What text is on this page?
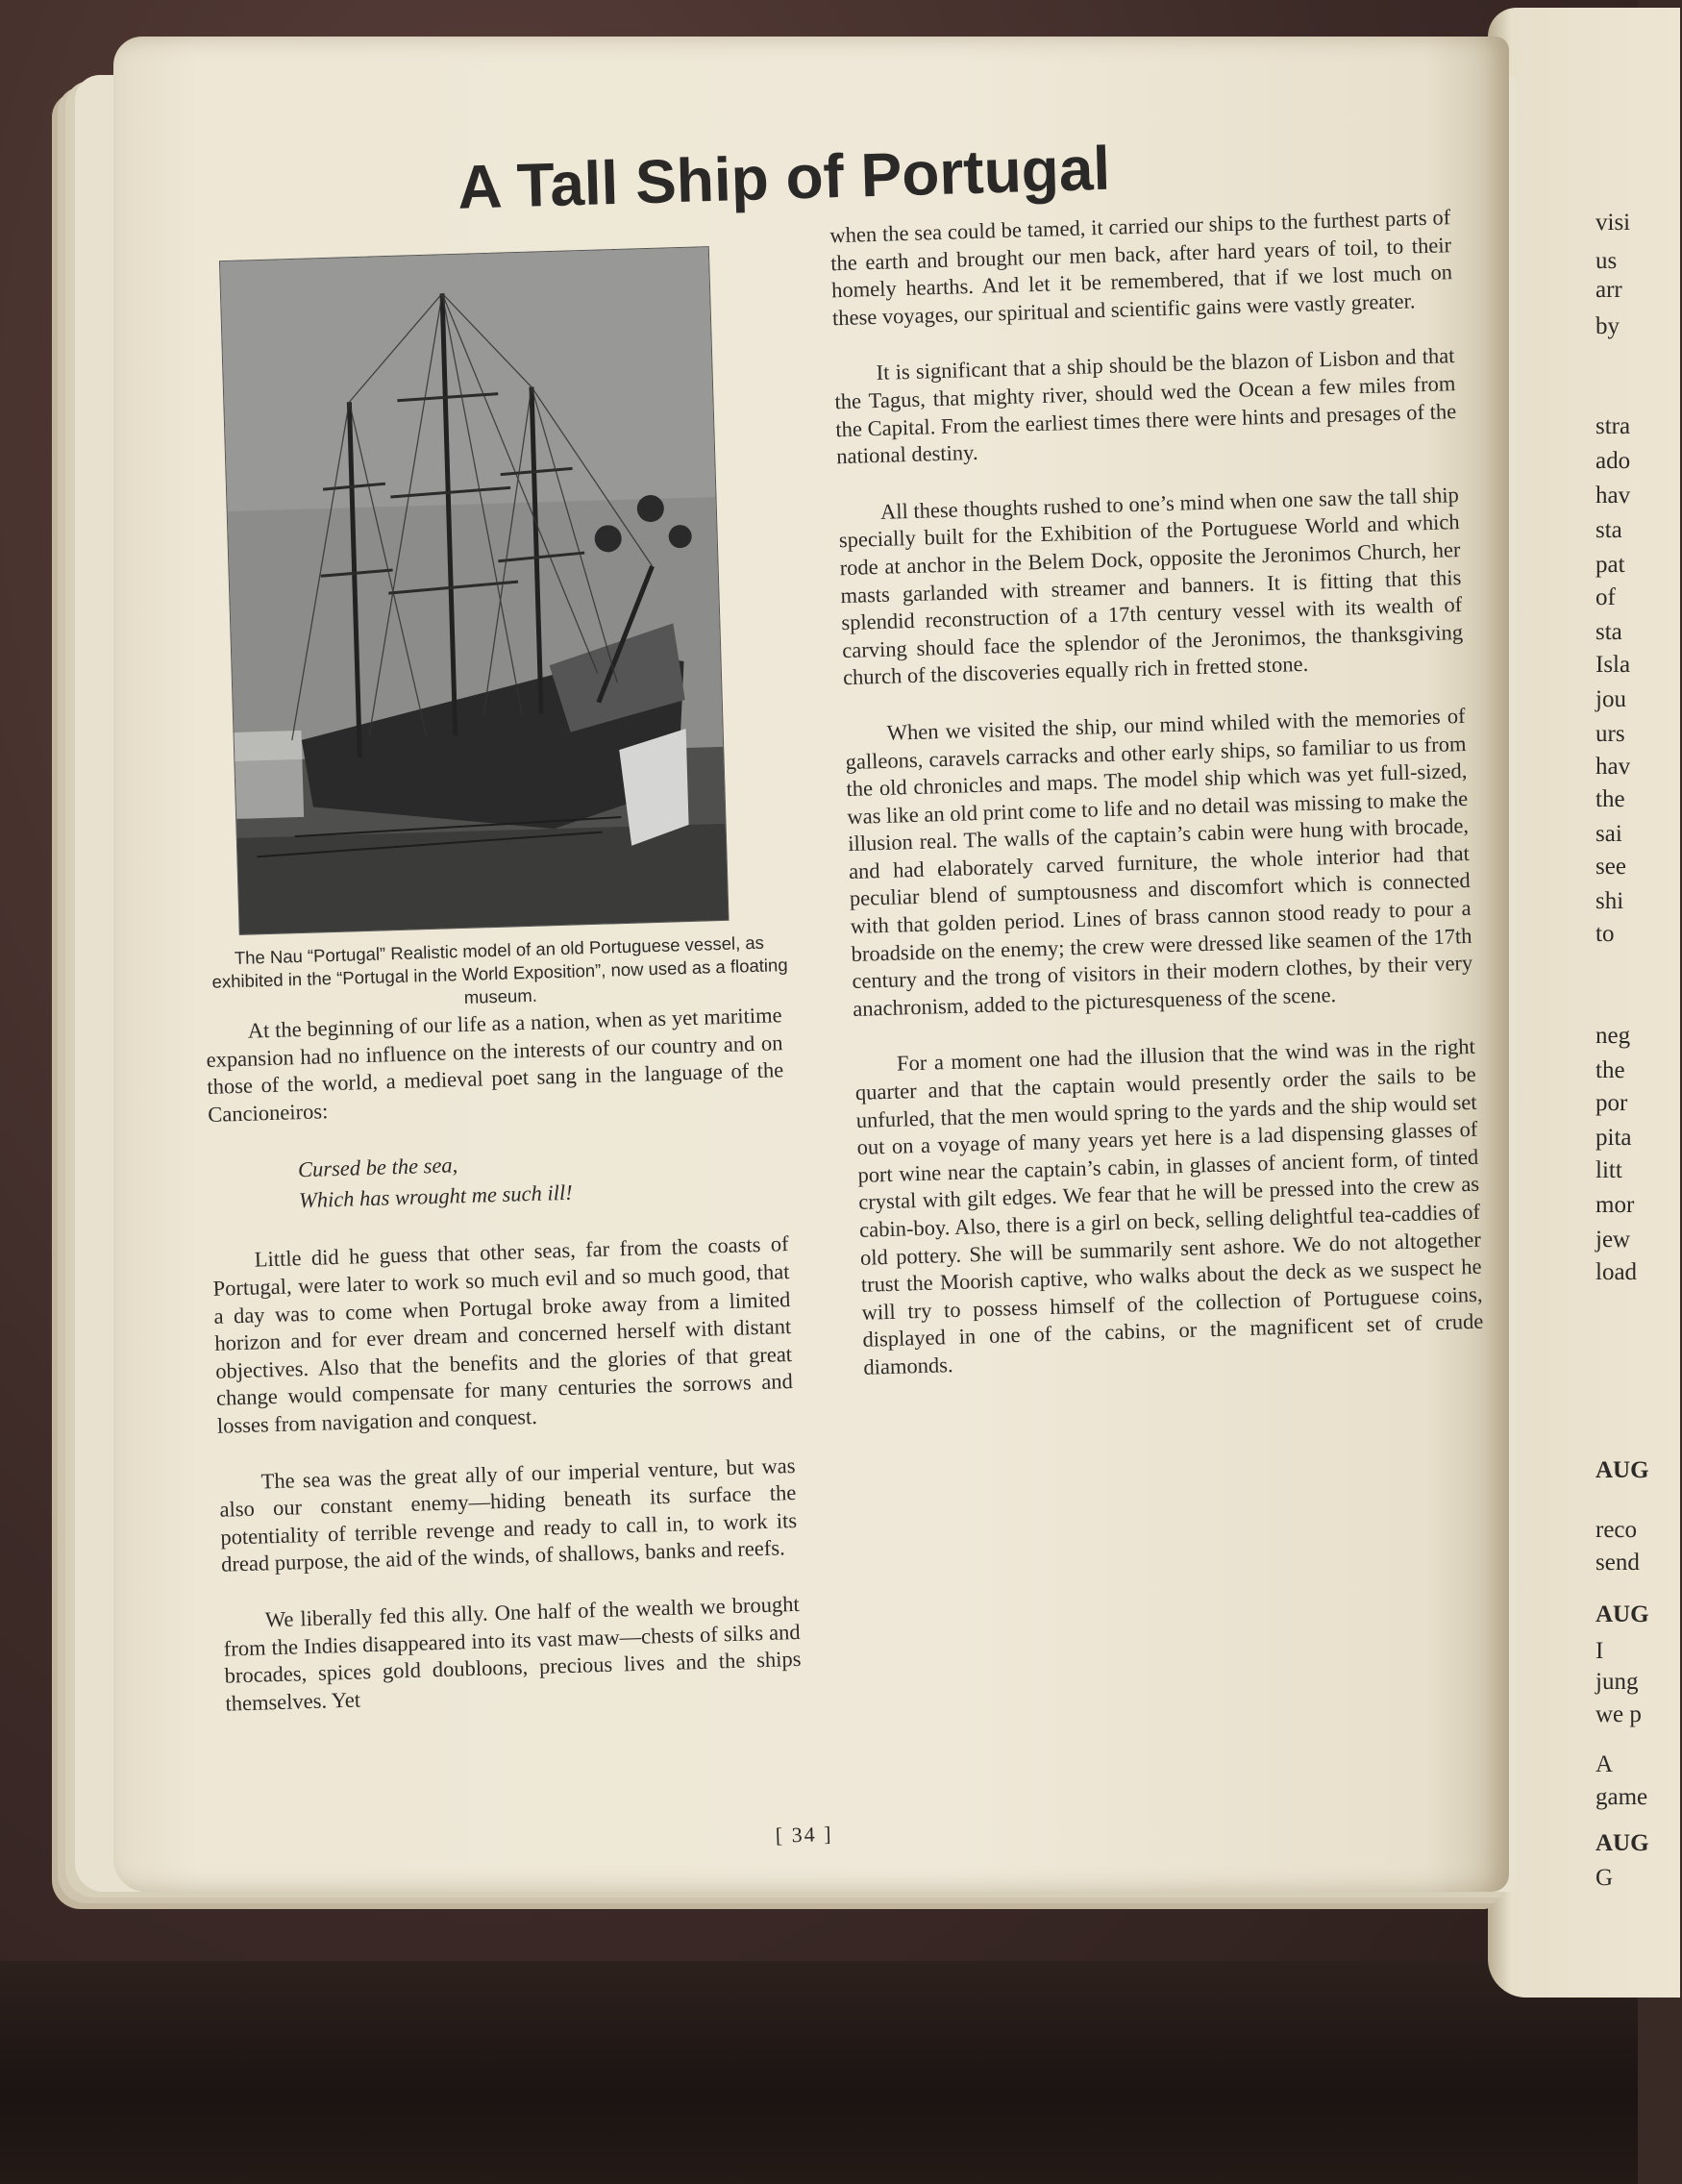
visi
us
arr
by
stra
ado
hav
sta
pat
of
sta
Isla
jou
urs
hav
the
sai
see
shi
to
neg
the
por
pita
litt
mor
jew
load
AUG
reco
send
AUG
I
jung
we p
A
game
AUG
G
A Tall Ship of Portugal
The Nau “Portugal” Realistic model of an old Portuguese vessel, as exhibited in the “Portugal in the World Exposition”, now used as a floating museum.

At the beginning of our life as a nation, when as yet maritime expansion had no influence on the interests of our country and on those of the world, a medieval poet sang in the language of the Cancioneiros:

Cursed be the sea,
Which has wrought me such ill!

Little did he guess that other seas, far from the coasts of Portugal, were later to work so much evil and so much good, that a day was to come when Portugal broke away from a limited horizon and for ever dream and concerned herself with distant objectives. Also that the benefits and the glories of that great change would compensate for many centuries the sorrows and losses from navigation and conquest.

The sea was the great ally of our imperial venture, but was also our constant enemy—hiding beneath its surface the potentiality of terrible revenge and ready to call in, to work its dread purpose, the aid of the winds, of shallows, banks and reefs.

We liberally fed this ally. One half of the wealth we brought from the Indies disappeared into its vast maw—chests of silks and brocades, spices gold doubloons, precious lives and the ships themselves. Yet

when the sea could be tamed, it carried our ships to the furthest parts of the earth and brought our men back, after hard years of toil, to their homely hearths. And let it be remembered, that if we lost much on these voyages, our spiritual and scientific gains were vastly greater.

It is significant that a ship should be the blazon of Lisbon and that the Tagus, that mighty river, should wed the Ocean a few miles from the Capital. From the earliest times there were hints and presages of the national destiny.

All these thoughts rushed to one’s mind when one saw the tall ship specially built for the Exhibition of the Portuguese World and which rode at anchor in the Belem Dock, opposite the Jeronimos Church, her masts garlanded with streamer and banners. It is fitting that this splendid reconstruction of a 17th century vessel with its wealth of carving should face the splendor of the Jeronimos, the thanksgiving church of the discoveries equally rich in fretted stone.

When we visited the ship, our mind whiled with the memories of galleons, caravels carracks and other early ships, so familiar to us from the old chronicles and maps. The model ship which was yet full-sized, was like an old print come to life and no detail was missing to make the illusion real. The walls of the captain’s cabin were hung with brocade, and had elaborately carved furniture, the whole interior had that peculiar blend of sumptousness and discomfort which is connected with that golden period. Lines of brass cannon stood ready to pour a broadside on the enemy; the crew were dressed like seamen of the 17th century and the trong of visitors in their modern clothes, by their very anachronism, added to the picturesqueness of the scene.

For a moment one had the illusion that the wind was in the right quarter and that the captain would presently order the sails to be unfurled, that the men would spring to the yards and the ship would set out on a voyage of many years yet here is a lad dispensing glasses of port wine near the captain’s cabin, in glasses of ancient form, of tinted crystal with gilt edges. We fear that he will be pressed into the crew as cabin-boy. Also, there is a girl on beck, selling delightful tea-caddies of old pottery. She will be summarily sent ashore. We do not altogether trust the Moorish captive, who walks about the deck as we suspect he will try to possess himself of the collection of Portuguese coins, displayed in one of the cabins, or the magnificent set of crude diamonds.

[ 34 ]
